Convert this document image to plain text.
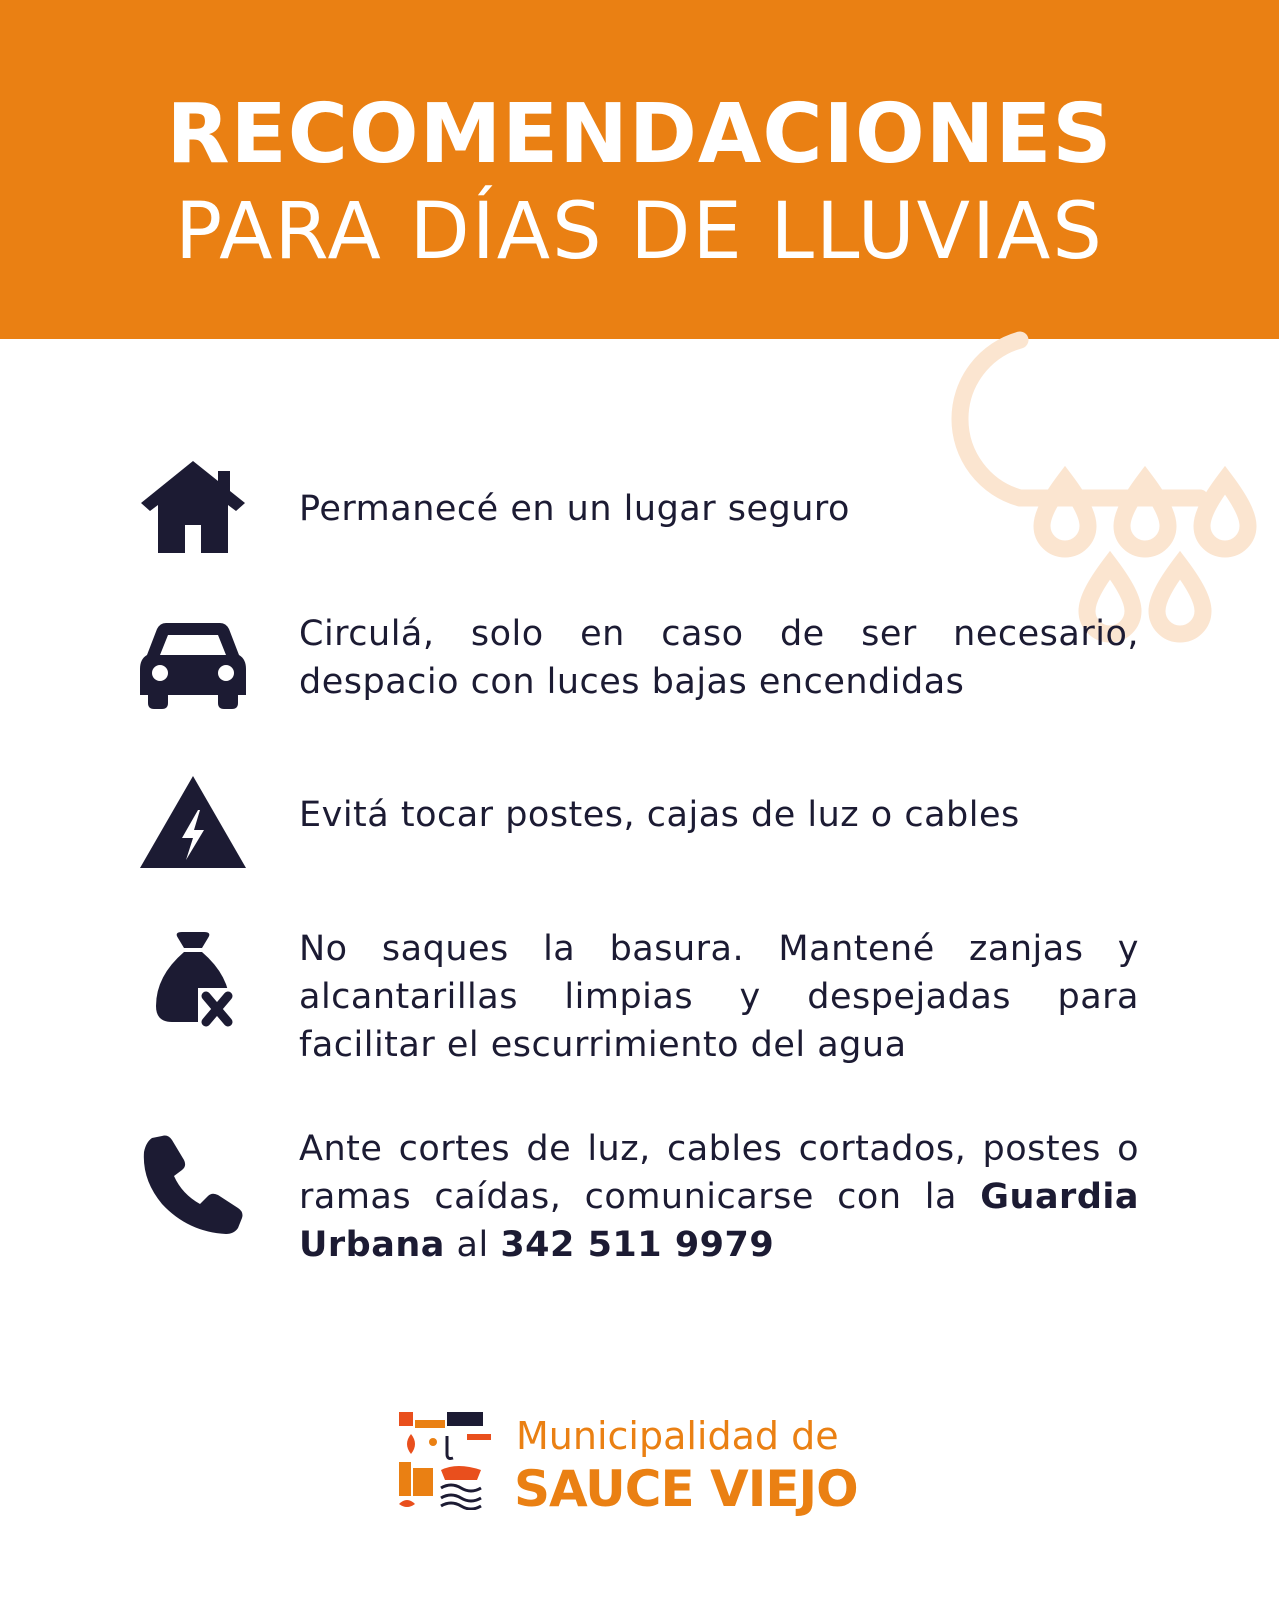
RECOMENDACIONES
PARA DÍAS DE LLUVIAS
Permanecé en un lugar seguro
Circulá, solo en caso de ser necesario, despacio con luces bajas encendidas
Evitá tocar postes, cajas de luz o cables
No saques la basura. Mantené zanjas y alcantarillas limpias y despejadas para facilitar el escurrimiento del agua
Ante cortes de luz, cables cortados, postes o ramas caídas, comunicarse con la Guardia Urbana al 342 511 9979
Municipalidad de
SAUCE VIEJO
